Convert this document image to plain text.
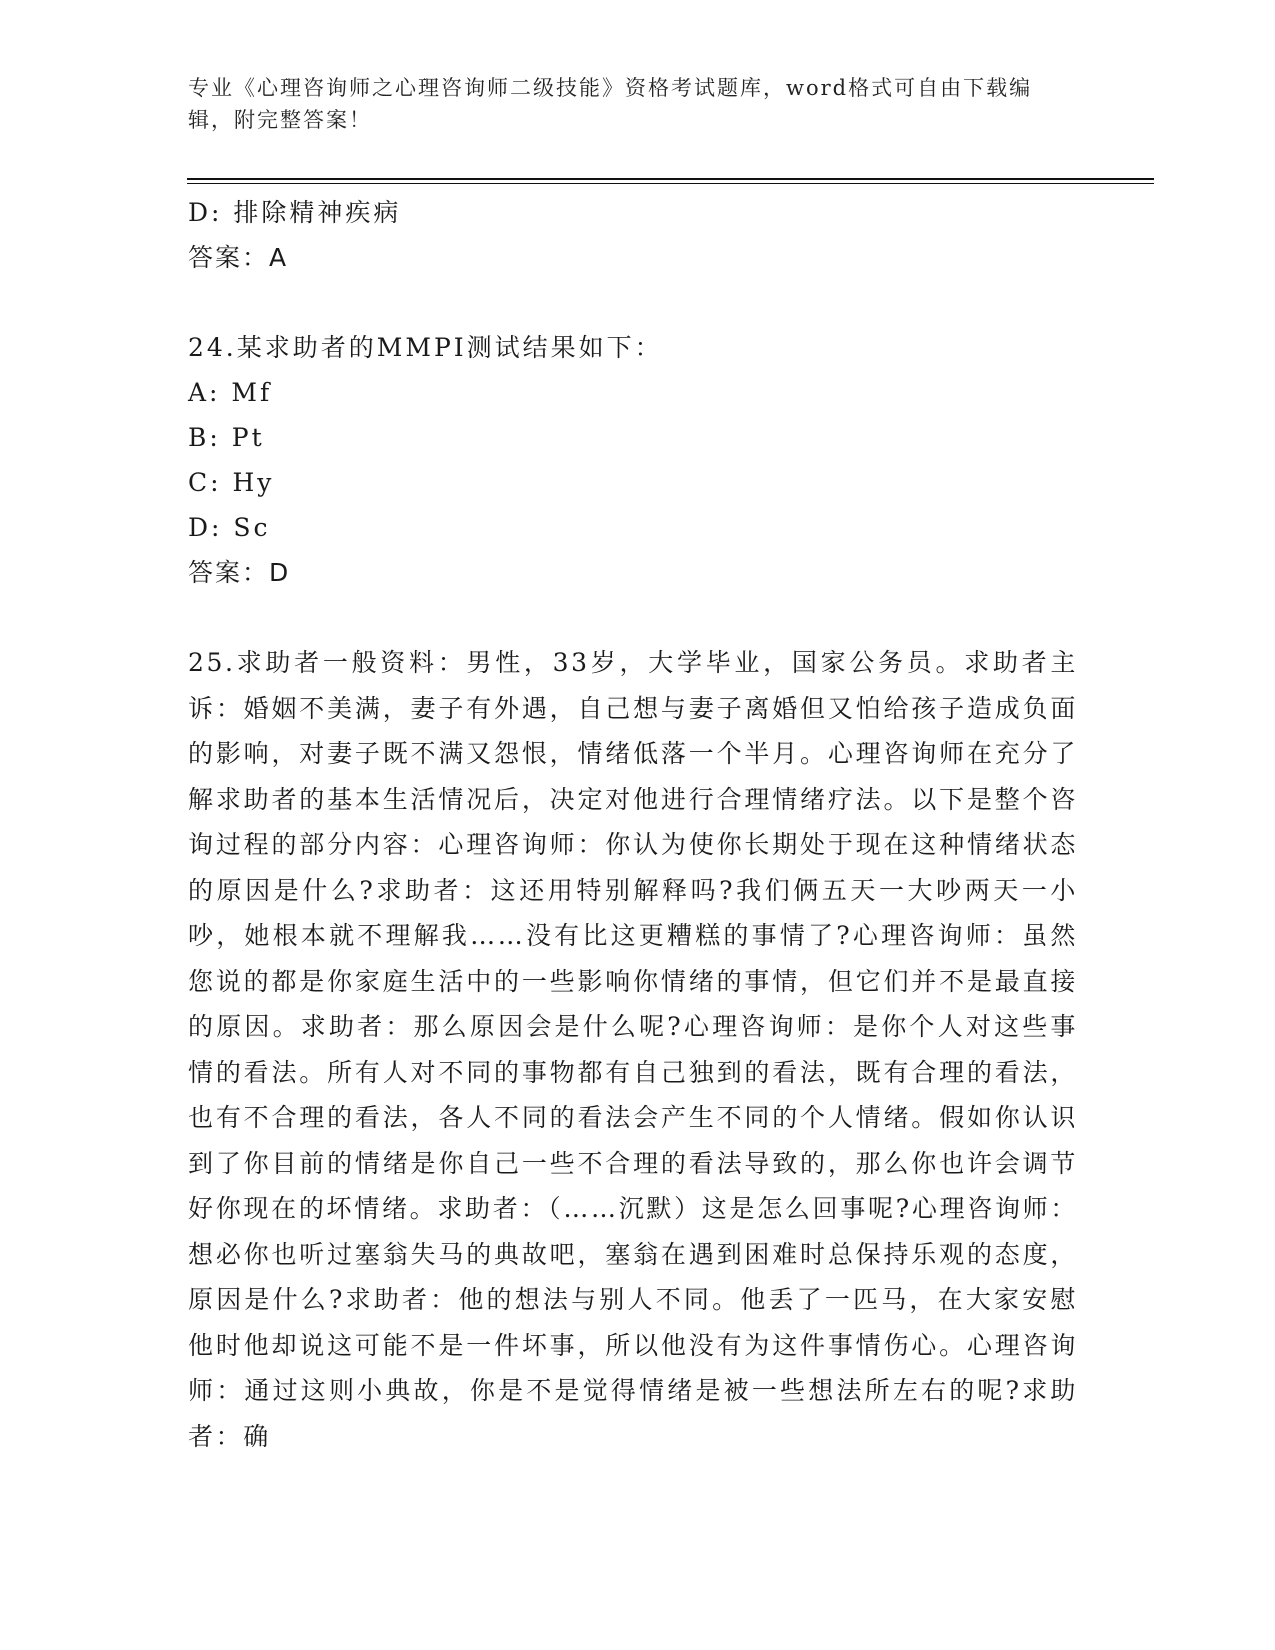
专业《心理咨询师之心理咨询师二级技能》资格考试题库，word格式可自由下载编辑，附完整答案！
D: 排除精神疾病
答案：A
24.某求助者的MMPI测试结果如下：
A: Mf
B: Pt
C: Hy
D: Sc
答案：D
25.求助者一般资料：男性，33岁，大学毕业，国家公务员。求助者主诉：婚姻不美满，妻子有外遇，自己想与妻子离婚但又怕给孩子造成负面的影响，对妻子既不满又怨恨，情绪低落一个半月。心理咨询师在充分了解求助者的基本生活情况后，决定对他进行合理情绪疗法。以下是整个咨询过程的部分内容：心理咨询师：你认为使你长期处于现在这种情绪状态的原因是什么?求助者：这还用特别解释吗?我们俩五天一大吵两天一小吵，她根本就不理解我……没有比这更糟糕的事情了?心理咨询师：虽然您说的都是你家庭生活中的一些影响你情绪的事情，但它们并不是最直接的原因。求助者：那么原因会是什么呢?心理咨询师：是你个人对这些事情的看法。所有人对不同的事物都有自己独到的看法，既有合理的看法，也有不合理的看法，各人不同的看法会产生不同的个人情绪。假如你认识到了你目前的情绪是你自己一些不合理的看法导致的，那么你也许会调节好你现在的坏情绪。求助者：（……沉默）这是怎么回事呢?心理咨询师：想必你也听过塞翁失马的典故吧，塞翁在遇到困难时总保持乐观的态度，原因是什么?求助者：他的想法与别人不同。他丢了一匹马，在大家安慰他时他却说这可能不是一件坏事，所以他没有为这件事情伤心。心理咨询师：通过这则小典故，你是不是觉得情绪是被一些想法所左右的呢?求助者：确
